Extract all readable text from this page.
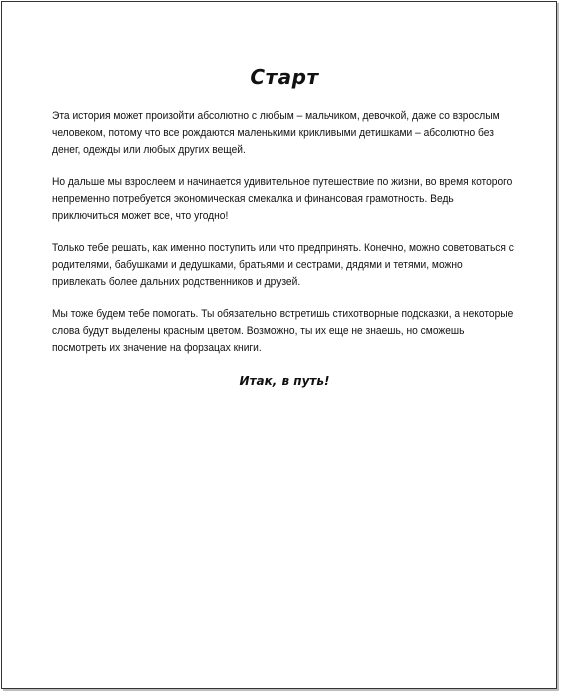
Старт

Эта история может произойти абсолютно с любым – мальчиком, девочкой, даже со взрослым человеком, потому что все рождаются маленькими крикливыми детишками – абсолютно без денег, одежды или любых других вещей.

Но дальше мы взрослеем и начинается удивительное путешествие по жизни, во время которого непременно потребуется экономическая смекалка и финансовая грамотность. Ведь приключиться может все, что угодно!

Только тебе решать, как именно поступить или что предпринять. Конечно, можно советоваться с родителями, бабушками и дедушками, братьями и сестрами, дядями и тетями, можно привлекать более дальних родственников и друзей.

Мы тоже будем тебе помогать. Ты обязательно встретишь стихотворные подсказки, а некоторые слова будут выделены красным цветом. Возможно, ты их еще не знаешь, но сможешь посмотреть их значение на форзацах книги.

Итак, в путь!
